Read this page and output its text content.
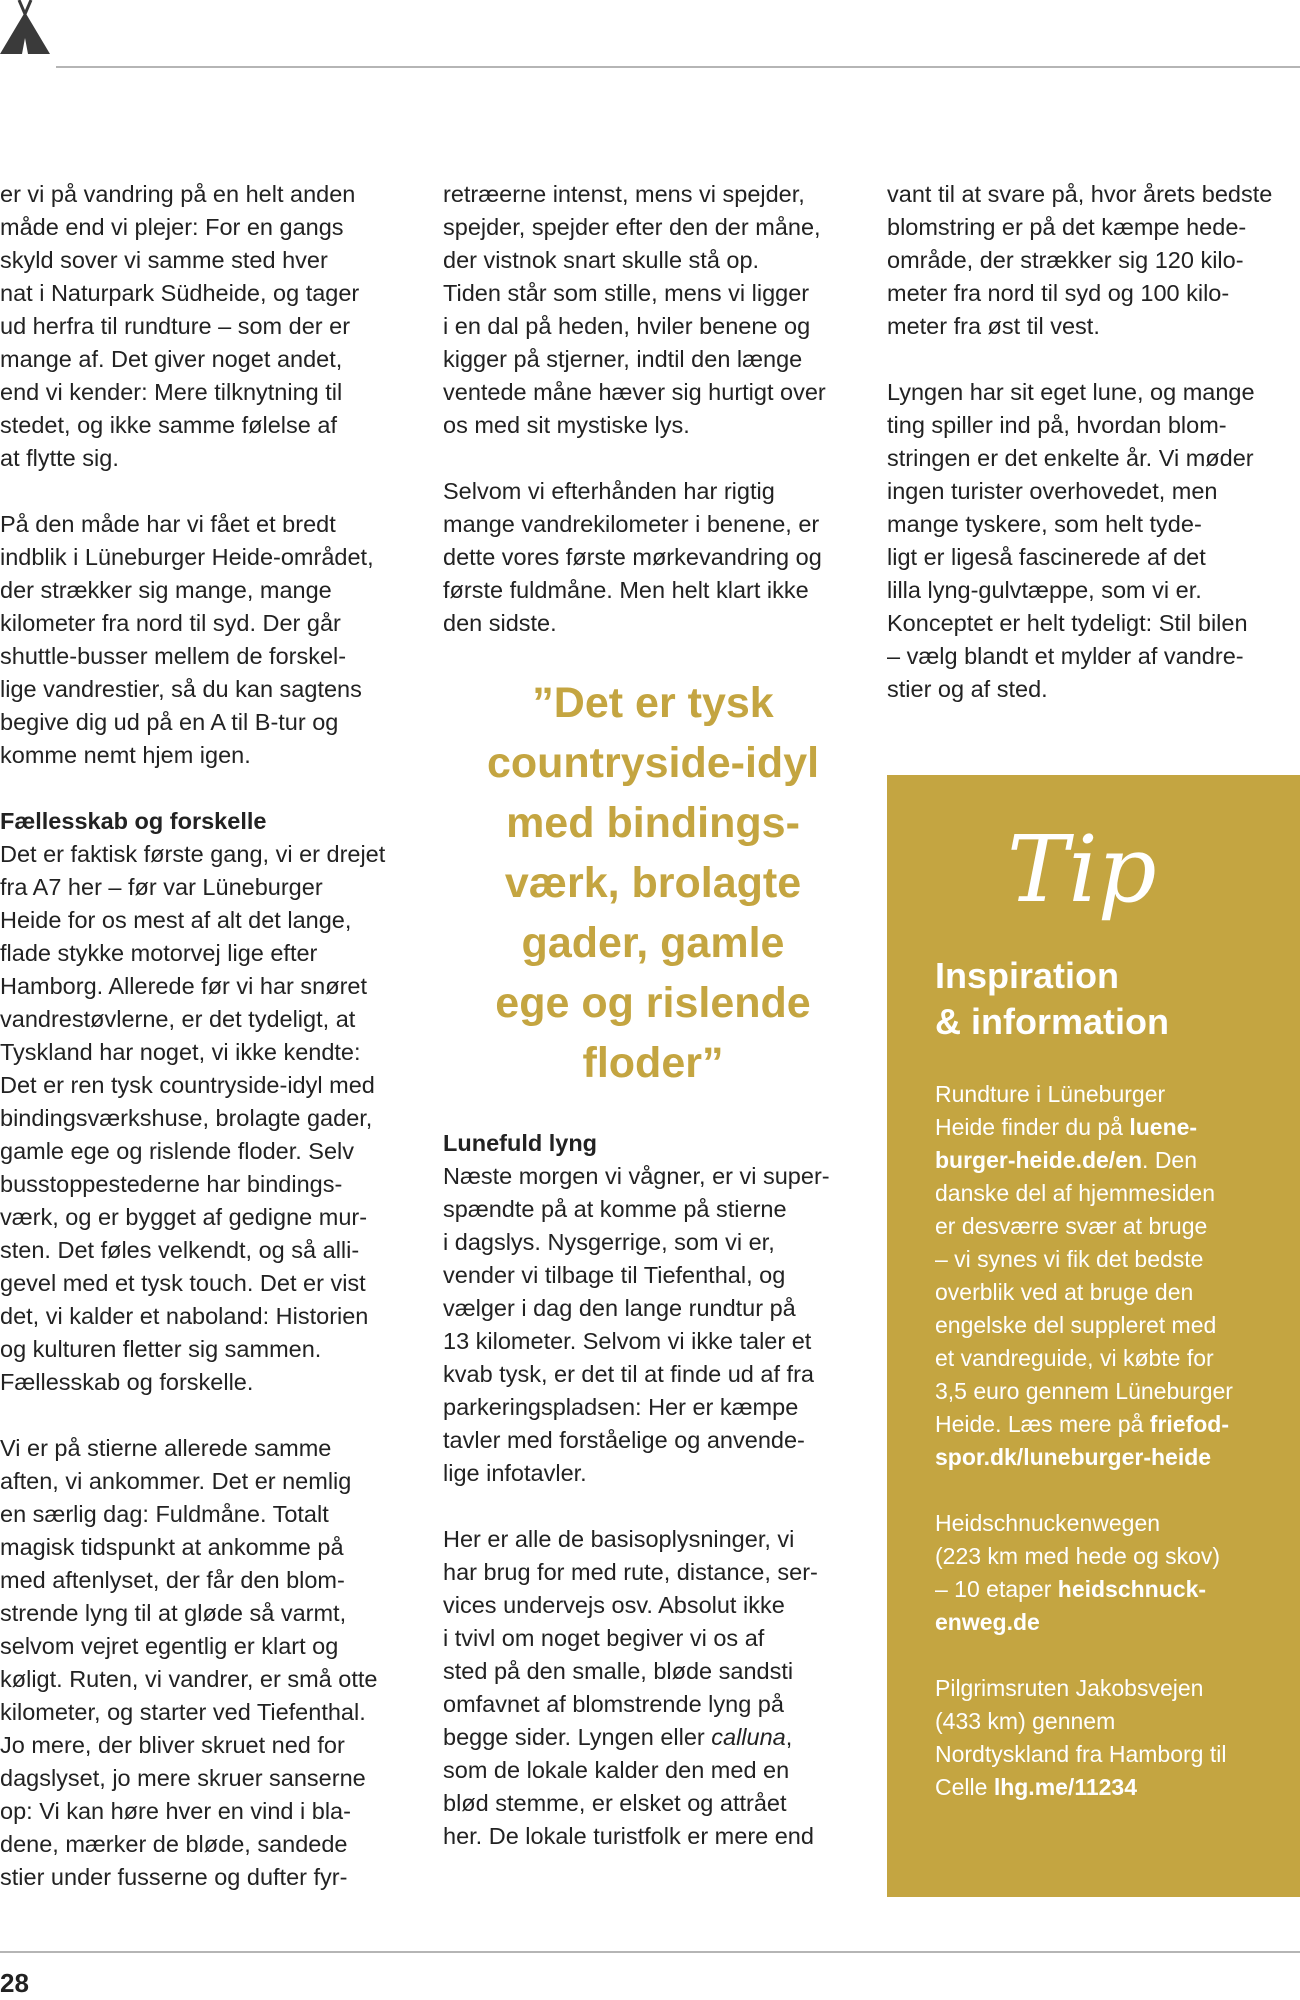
er vi på vandring på en helt anden
måde end vi plejer: For en gangs
skyld sover vi samme sted hver
nat i Naturpark Südheide, og tager
ud herfra til rundture – som der er
mange af. Det giver noget andet,
end vi kender: Mere tilknytning til
stedet, og ikke samme følelse af
at flytte sig.
På den måde har vi fået et bredt
indblik i Lüneburger Heide-området,
der strækker sig mange, mange
kilometer fra nord til syd. Der går
shuttle-busser mellem de forskel-
lige vandrestier, så du kan sagtens
begive dig ud på en A til B-tur og
komme nemt hjem igen.
Fællesskab og forskelle
Det er faktisk første gang, vi er drejet
fra A7 her – før var Lüneburger
Heide for os mest af alt det lange,
flade stykke motorvej lige efter
Hamborg. Allerede før vi har snøret
vandrestøvlerne, er det tydeligt, at
Tyskland har noget, vi ikke kendte:
Det er ren tysk countryside-idyl med
bindingsværkshuse, brolagte gader,
gamle ege og rislende floder. Selv
busstoppestederne har bindings-
værk, og er bygget af gedigne mur-
sten. Det føles velkendt, og så alli-
gevel med et tysk touch. Det er vist
det, vi kalder et naboland: Historien
og kulturen fletter sig sammen.
Fællesskab og forskelle.
Vi er på stierne allerede samme
aften, vi ankommer. Det er nemlig
en særlig dag: Fuldmåne. Totalt
magisk tidspunkt at ankomme på
med aftenlyset, der får den blom-
strende lyng til at gløde så varmt,
selvom vejret egentlig er klart og
køligt. Ruten, vi vandrer, er små otte
kilometer, og starter ved Tiefenthal.
Jo mere, der bliver skruet ned for
dagslyset, jo mere skruer sanserne
op: Vi kan høre hver en vind i bla-
dene, mærker de bløde, sandede
stier under fusserne og dufter fyr-
retræerne intenst, mens vi spejder,
spejder, spejder efter den der måne,
der vistnok snart skulle stå op.
Tiden står som stille, mens vi ligger
i en dal på heden, hviler benene og
kigger på stjerner, indtil den længe
ventede måne hæver sig hurtigt over
os med sit mystiske lys.
Selvom vi efterhånden har rigtig
mange vandrekilometer i benene, er
dette vores første mørkevandring og
første fuldmåne. Men helt klart ikke
den sidste.
”Det er tysk
countryside-idyl
med bindings-
værk, brolagte
gader, gamle
ege og rislende
floder”
Lunefuld lyng
Næste morgen vi vågner, er vi super-
spændte på at komme på stierne
i dagslys. Nysgerrige, som vi er,
vender vi tilbage til Tiefenthal, og
vælger i dag den lange rundtur på
13 kilometer. Selvom vi ikke taler et
kvab tysk, er det til at finde ud af fra
parkeringspladsen: Her er kæmpe
tavler med forståelige og anvende-
lige infotavler.
Her er alle de basisoplysninger, vi
har brug for med rute, distance, ser-
vices undervejs osv. Absolut ikke
i tvivl om noget begiver vi os af
sted på den smalle, bløde sandsti
omfavnet af blomstrende lyng på
begge sider. Lyngen eller calluna,
som de lokale kalder den med en
blød stemme, er elsket og attrået
her. De lokale turistfolk er mere end
vant til at svare på, hvor årets bedste
blomstring er på det kæmpe hede-
område, der strækker sig 120 kilo-
meter fra nord til syd og 100 kilo-
meter fra øst til vest.
Lyngen har sit eget lune, og mange
ting spiller ind på, hvordan blom-
stringen er det enkelte år. Vi møder
ingen turister overhovedet, men
mange tyskere, som helt tyde-
ligt er ligeså fascinerede af det
lilla lyng-gulvtæppe, som vi er.
Konceptet er helt tydeligt: Stil bilen
– vælg blandt et mylder af vandre-
stier og af sted.
Tip
Inspiration
& information
Rundture i Lüneburger
Heide finder du på luene-
burger-heide.de/en. Den
danske del af hjemmesiden
er desværre svær at bruge
– vi synes vi fik det bedste
overblik ved at bruge den
engelske del suppleret med
et vandreguide, vi købte for
3,5 euro gennem Lüneburger
Heide. Læs mere på friefod-
spor.dk/luneburger-heide
Heidschnuckenwegen
(223 km med hede og skov)
– 10 etaper heidschnuck-
enweg.de
Pilgrimsruten Jakobsvejen
(433 km) gennem
Nordtyskland fra Hamborg til
Celle lhg.me/11234
28
